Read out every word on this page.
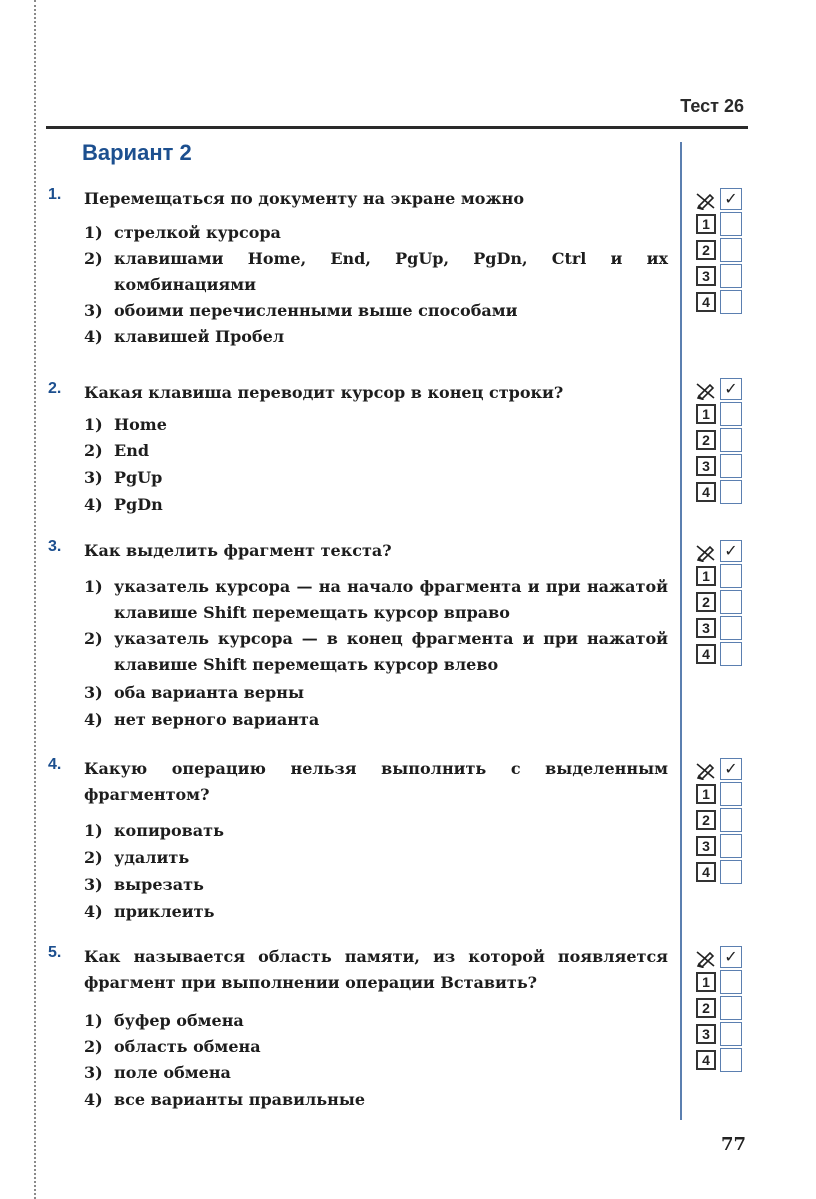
Тест 26
Вариант 2
1. Перемещаться по документу на экране можно
1) стрелкой курсора
2) клавишами Home, End, PgUp, PgDn, Ctrl и их комбинациями
3) обоими перечисленными выше способами
4) клавишей Пробел
2. Какая клавиша переводит курсор в конец строки?
1) Home
2) End
3) PgUp
4) PgDn
3. Как выделить фрагмент текста?
1) указатель курсора — на начало фрагмента и при нажатой клавише Shift перемещать курсор вправо
2) указатель курсора — в конец фрагмента и при нажатой клавише Shift перемещать курсор влево
3) оба варианта верны
4) нет верного варианта
4. Какую операцию нельзя выполнить с выделенным фрагментом?
1) копировать
2) удалить
3) вырезать
4) приклеить
5. Как называется область памяти, из которой появляется фрагмент при выполнении операции Вставить?
1) буфер обмена
2) область обмена
3) поле обмена
4) все варианты правильные
✓
1
2
3
4
✓
1
2
3
4
✓
1
2
3
4
✓
1
2
3
4
✓
1
2
3
4
77
